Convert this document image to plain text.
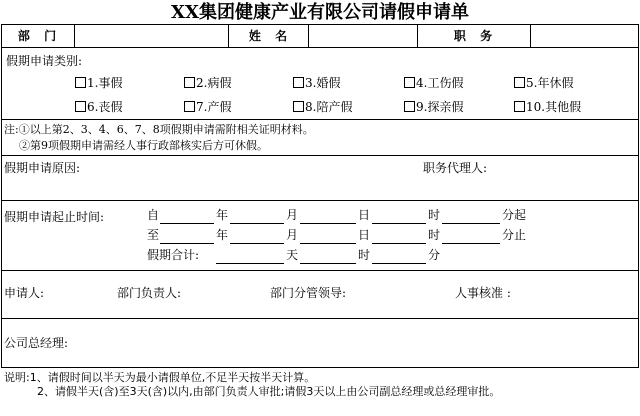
XX集团健康产业有限公司请假申请单
部 门	姓 名	职 务
假期申请类别:
1.事假	2.病假	3.婚假	4.工伤假	5.年休假
6.丧假	7.产假	8.陪产假	9.探亲假	10.其他假
注:①以上第2、3、4、6、7、8项假期申请需附相关证明材料。
②第9项假期申请需经人事行政部核实后方可休假。
假期申请原因:	职务代理人:
假期申请起止时间:	自	年	月	日	时	分起
至	年	月	日	时	分止
假期合计:	天	时	分
申请人:	部门负责人:	部门分管领导:	人事核准 :
公司总经理:
说明:1、请假时间以半天为最小请假单位,不足半天按半天计算。
2、请假半天(含)至3天(含)以内,由部门负责人审批;请假3天以上由公司副总经理或总经理审批。
